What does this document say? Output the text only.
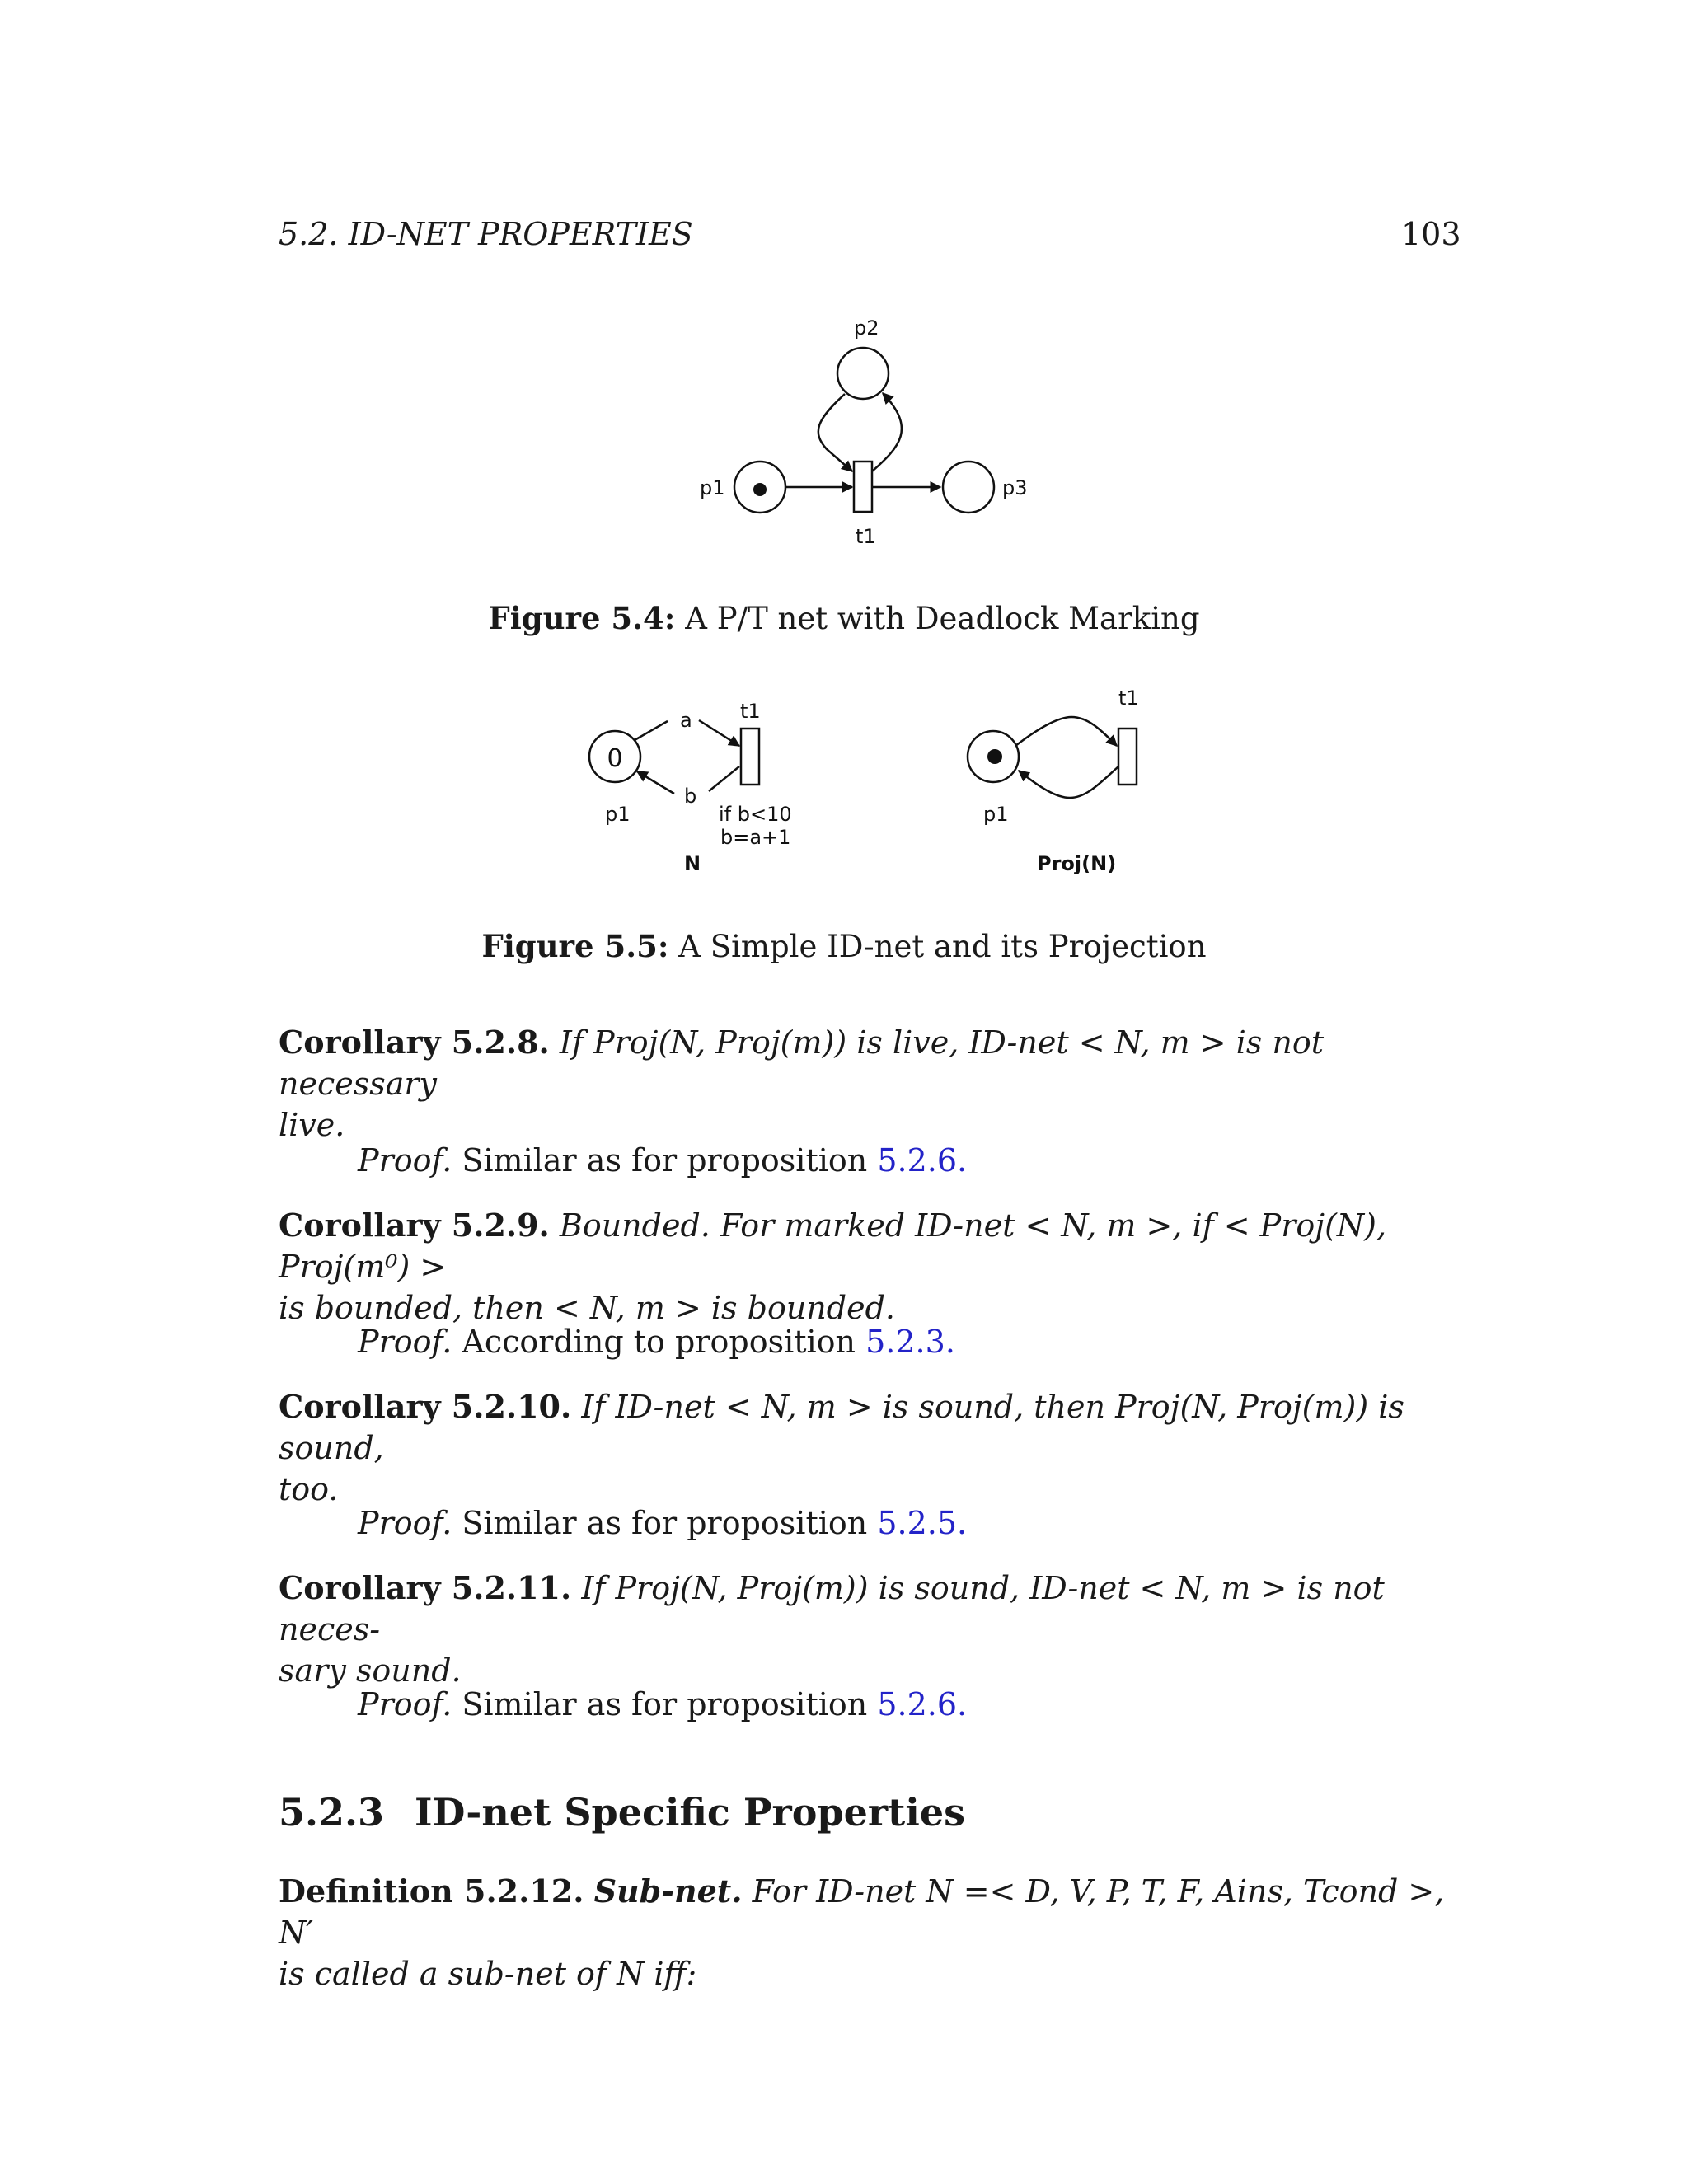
5.2. ID-NET PROPERTIES	103
p1
p2
p3
t1
Figure 5.4: A P/T net with Deadlock Marking
0
a
b
t1
p1	if b<10
b=a+1
N
t1
p1
Proj(N)
Figure 5.5: A Simple ID-net and its Projection
Corollary 5.2.8. If Proj(N, Proj(m)) is live, ID-net < N, m > is not necessary
live.
Proof. Similar as for proposition 5.2.6.
Corollary 5.2.9. Bounded. For marked ID-net < N, m >, if < Proj(N), Proj(m⁰) >
is bounded, then < N, m > is bounded.
Proof. According to proposition 5.2.3.
Corollary 5.2.10. If ID-net < N, m > is sound, then Proj(N, Proj(m)) is sound,
too.
Proof. Similar as for proposition 5.2.5.
Corollary 5.2.11. If Proj(N, Proj(m)) is sound, ID-net < N, m > is not neces-
sary sound.
Proof. Similar as for proposition 5.2.6.
5.2.3 ID-net Specific Properties
Definition 5.2.12. Sub-net. For ID-net N =< D, V, P, T, F, Ains, Tcond >, N′
is called a sub-net of N iff:
